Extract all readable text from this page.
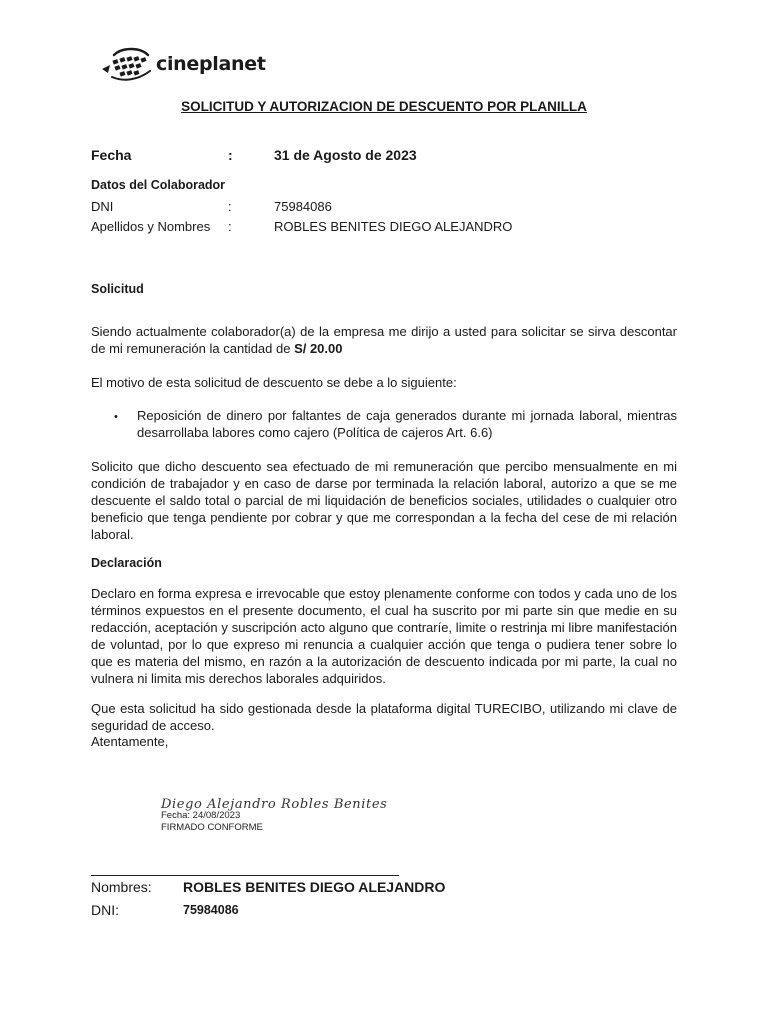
cineplanet
SOLICITUD Y AUTORIZACION DE DESCUENTO POR PLANILLA
Fecha	:	31 de Agosto de 2023
Datos del Colaborador
DNI	:	75984086
Apellidos y Nombres :	ROBLES BENITES DIEGO ALEJANDRO
Solicitud
Siendo actualmente colaborador(a) de la empresa me dirijo a usted para solicitar se sirva descontar de mi remuneración la cantidad de S/ 20.00
El motivo de esta solicitud de descuento se debe a lo siguiente:
• Reposición de dinero por faltantes de caja generados durante mi jornada laboral, mientras desarrollaba labores como cajero (Política de cajeros Art. 6.6)
Solicito que dicho descuento sea efectuado de mi remuneración que percibo mensualmente en mi condición de trabajador y en caso de darse por terminada la relación laboral, autorizo a que se me descuente el saldo total o parcial de mi liquidación de beneficios sociales, utilidades o cualquier otro beneficio que tenga pendiente por cobrar y que me correspondan a la fecha del cese de mi relación laboral.
Declaración
Declaro en forma expresa e irrevocable que estoy plenamente conforme con todos y cada uno de los términos expuestos en el presente documento, el cual ha suscrito por mi parte sin que medie en su redacción, aceptación y suscripción acto alguno que contraríe, limite o restrinja mi libre manifestación de voluntad, por lo que expreso mi renuncia a cualquier acción que tenga o pudiera tener sobre lo que es materia del mismo, en razón a la autorización de descuento indicada por mi parte, la cual no vulnera ni limita mis derechos laborales adquiridos.
Que esta solicitud ha sido gestionada desde la plataforma digital TURECIBO, utilizando mi clave de seguridad de acceso.
Atentamente,
Diego Alejandro Robles Benites
Fecha: 24/08/2023
FIRMADO CONFORME
Nombres: ROBLES BENITES DIEGO ALEJANDRO
DNI:	75984086
